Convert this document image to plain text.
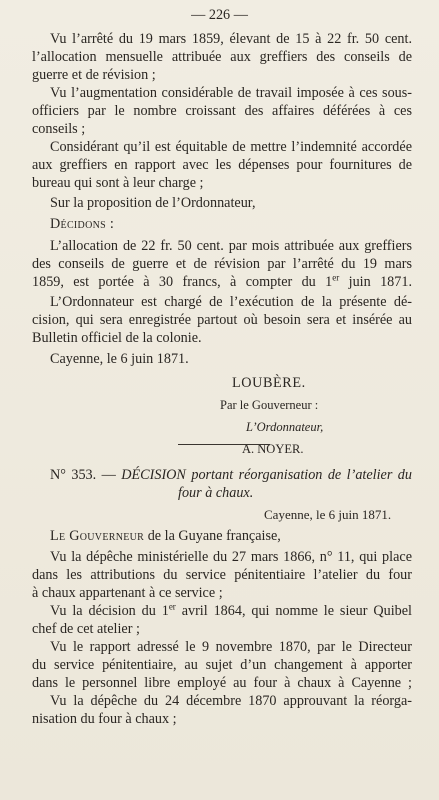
— 226 —
Vu l’arrêté du 19 mars 1859, élevant de 15 à 22 fr. 50 cent.
l’allocation mensuelle attribuée aux greffiers des conseils de
guerre et de révision ;
Vu l’augmentation considérable de travail imposée à ces sous-
officiers par le nombre croissant des affaires déférées à ces
conseils ;
Considérant qu’il est équitable de mettre l’indemnité accordée
aux greffiers en rapport avec les dépenses pour fournitures de
bureau qui sont à leur charge ;
Sur la proposition de l’Ordonnateur,
Décidons :
L’allocation de 22 fr. 50 cent. par mois attribuée aux greffiers
des conseils de guerre et de révision par l’arrêté du 19 mars
1859, est portée à 30 francs, à compter du 1er juin 1871.
L’Ordonnateur est chargé de l’exécution de la présente dé-
cision, qui sera enregistrée partout où besoin sera et insérée au
Bulletin officiel de la colonie.
Cayenne, le 6 juin 1871.
LOUBÈRE.
Par le Gouverneur :
L’Ordonnateur,
A. NOYER.
N° 353. — DÉCISION portant réorganisation de l’atelier du
four à chaux.
Cayenne, le 6 juin 1871.
Le Gouverneur de la Guyane française,
Vu la dépêche ministérielle du 27 mars 1866, n° 11, qui place
dans les attributions du service pénitentiaire l’atelier du four
à chaux appartenant à ce service ;
Vu la décision du 1er avril 1864, qui nomme le sieur Quibel
chef de cet atelier ;
Vu le rapport adressé le 9 novembre 1870, par le Directeur
du service pénitentiaire, au sujet d’un changement à apporter
dans le personnel libre employé au four à chaux à Cayenne ;
Vu la dépêche du 24 décembre 1870 approuvant la réorga-
nisation du four à chaux ;
